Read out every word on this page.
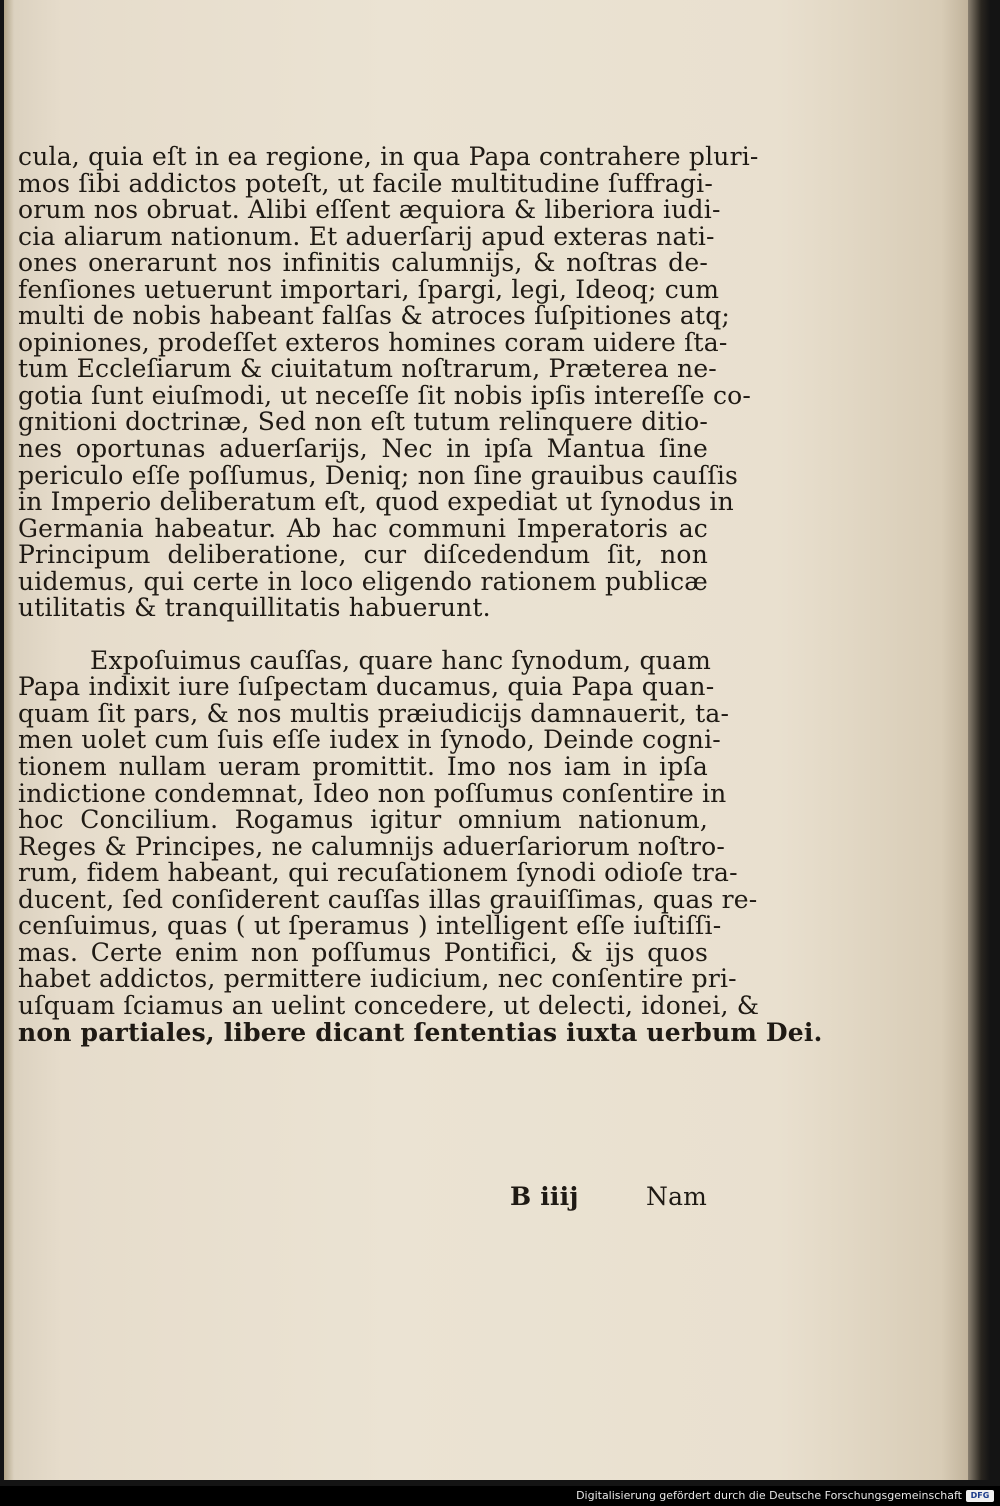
cula, quia eſt in ea regione, in qua Papa contrahere pluri-
mos ſibi addictos poteſt, ut facile multitudine ſuffragi-
orum nos obruat. Alibi eſſent æquiora & liberiora iudi-
cia aliarum nationum. Et aduerſarij apud exteras nati-
ones onerarunt nos infinitis calumnijs, & noſtras de-
fenſiones uetuerunt importari, ſpargi, legi, Ideoq; cum
multi de nobis habeant falſas & atroces ſuſpitiones atq;
opiniones, prodeſſet exteros homines coram uidere ſta-
tum Eccleſiarum & ciuitatum noſtrarum, Præterea ne-
gotia ſunt eiuſmodi, ut neceſſe ſit nobis ipſis intereſſe co-
gnitioni doctrinæ, Sed non eſt tutum relinquere ditio-
nes oportunas aduerſarijs, Nec in ipſa Mantua ſine
periculo eſſe poſſumus, Deniq; non ſine grauibus cauſſis
in Imperio deliberatum eſt, quod expediat ut ſynodus in
Germania habeatur. Ab hac communi Imperatoris ac
Principum deliberatione, cur diſcedendum ſit, non
uidemus, qui certe in loco eligendo rationem publicæ
utilitatis & tranquillitatis habuerunt.
Expoſuimus cauſſas, quare hanc ſynodum, quam
Papa indixit iure ſuſpectam ducamus, quia Papa quan-
quam ſit pars, & nos multis præiudicijs damnauerit, ta-
men uolet cum ſuis eſſe iudex in ſynodo, Deinde cogni-
tionem nullam ueram promittit. Imo nos iam in ipſa
indictione condemnat, Ideo non poſſumus conſentire in
hoc Concilium. Rogamus igitur omnium nationum,
Reges & Principes, ne calumnijs aduerſariorum noſtro-
rum, fidem habeant, qui recuſationem ſynodi odioſe tra-
ducent, ſed conſiderent cauſſas illas grauiſſimas, quas re-
cenſuimus, quas ( ut ſperamus ) intelligent eſſe iuſtiſſi-
mas. Certe enim non poſſumus Pontifici, & ijs quos
habet addictos, permittere iudicium, nec conſentire pri-
uſquam ſciamus an uelint concedere, ut delecti, idonei, &
non partiales, libere dicant ſententias iuxta uerbum Dei.
B iiij	Nam
Digitalisierung gefördert durch die Deutsche Forschungsgemeinschaft	DFG
